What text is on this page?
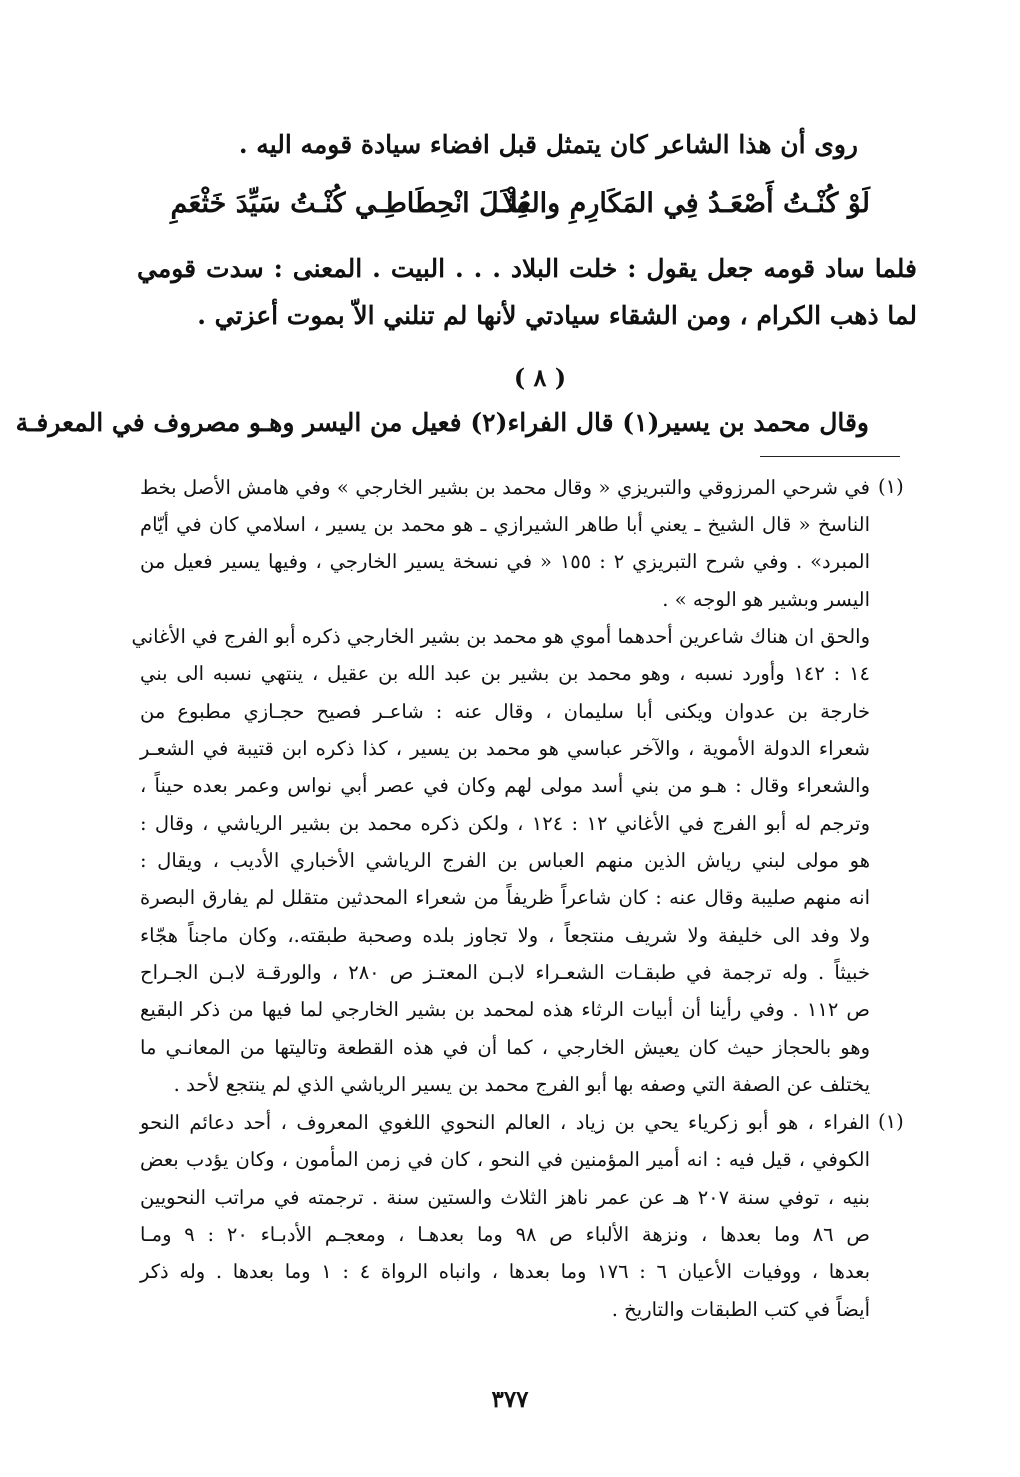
روى أن هذا الشاعر كان يتمثل قبل افضاء سيادة قومه اليه .
لَوْ كُنْـتُ أَصْعَـدُ فِي المَكَارِمِ والعُلاَ
مِثْـلَ انْحِطَاطِـي كُنْـتُ سَيِّدَ خَثْعَمِ
فلما ساد قومه جعل يقول : خلت البلاد . . . البيت . المعنى : سدت قومي
لما ذهب الكرام ، ومن الشقاء سيادتي لأنها لم تنلني الاّ بموت أعزتي .
( ٨ )
وقال محمد بن يسير(١) قال الفراء(٢) فعيل من اليسر وهـو مصروف في المعرفـة
(١)
في شرحي المرزوقي والتبريزي « وقال محمد بن بشير الخارجي » وفي هامش الأصل بخط
الناسخ « قال الشيخ ـ يعني أبا طاهر الشيرازي ـ هو محمد بن يسير ، اسلامي كان في أيّام
المبرد» . وفي شرح التبريزي ٢ : ١٥٥ « في نسخة يسير الخارجي ، وفيها يسير فعيل من
اليسر وبشير هو الوجه » .
والحق ان هناك شاعرين أحدهما أموي هو محمد بن بشير الخارجي ذكره أبو الفرج في الأغاني
١٤ : ١٤٢ وأورد نسبه ، وهو محمد بن بشير بن عبد الله بن عقيل ، ينتهي نسبه الى بني
خارجة بن عدوان ويكنى أبا سليمان ، وقال عنه : شاعـر فصيح حجـازي مطبوع من
شعراء الدولة الأموية ، والآخر عباسي هو محمد بن يسير ، كذا ذكره ابن قتيبة في الشعـر
والشعراء وقال : هـو من بني أسد مولى لهم وكان في عصر أبي نواس وعمر بعده حيناً ،
وترجم له أبو الفرج في الأغاني ١٢ : ١٢٤ ، ولكن ذكره محمد بن بشير الرياشي ، وقال :
هو مولى لبني رياش الذين منهم العباس بن الفرج الرياشي الأخباري الأديب ، ويقال :
انه منهم صليبة وقال عنه : كان شاعراً ظريفاً من شعراء المحدثين متقلل لم يفارق البصرة
ولا وفد الى خليفة ولا شريف منتجعاً ، ولا تجاوز بلده وصحبة طبقته.، وكان ماجناً هجّاء
خبيثاً . وله ترجمة في طبقـات الشعـراء لابـن المعتـز ص ٢٨٠ ، والورقـة لابـن الجـراح
ص ١١٢ . وفي رأينا أن أبيات الرثاء هذه لمحمد بن بشير الخارجي لما فيها من ذكر البقيع
وهو بالحجاز حيث كان يعيش الخارجي ، كما أن في هذه القطعة وتاليتها من المعانـي ما
يختلف عن الصفة التي وصفه بها أبو الفرج محمد بن يسير الرياشي الذي لم ينتجع لأحد .
(١)
الفراء ، هو أبو زكرياء يحي بن زياد ، العالم النحوي اللغوي المعروف ، أحد دعائم النحو
الكوفي ، قيل فيه : انه أمير المؤمنين في النحو ، كان في زمن المأمون ، وكان يؤدب بعض
بنيه ، توفي سنة ٢٠٧ هـ عن عمر ناهز الثلاث والستين سنة . ترجمته في مراتب النحويين
ص ٨٦ وما بعدها ، ونزهة الألباء ص ٩٨ وما بعدهـا ، ومعجـم الأدبـاء ٢٠ : ٩ ومـا
بعدها ، ووفيات الأعيان ٦ : ١٧٦ وما بعدها ، وانباه الرواة ٤ : ١ وما بعدها . وله ذكر
أيضاً في كتب الطبقات والتاريخ .
٣٧٧
